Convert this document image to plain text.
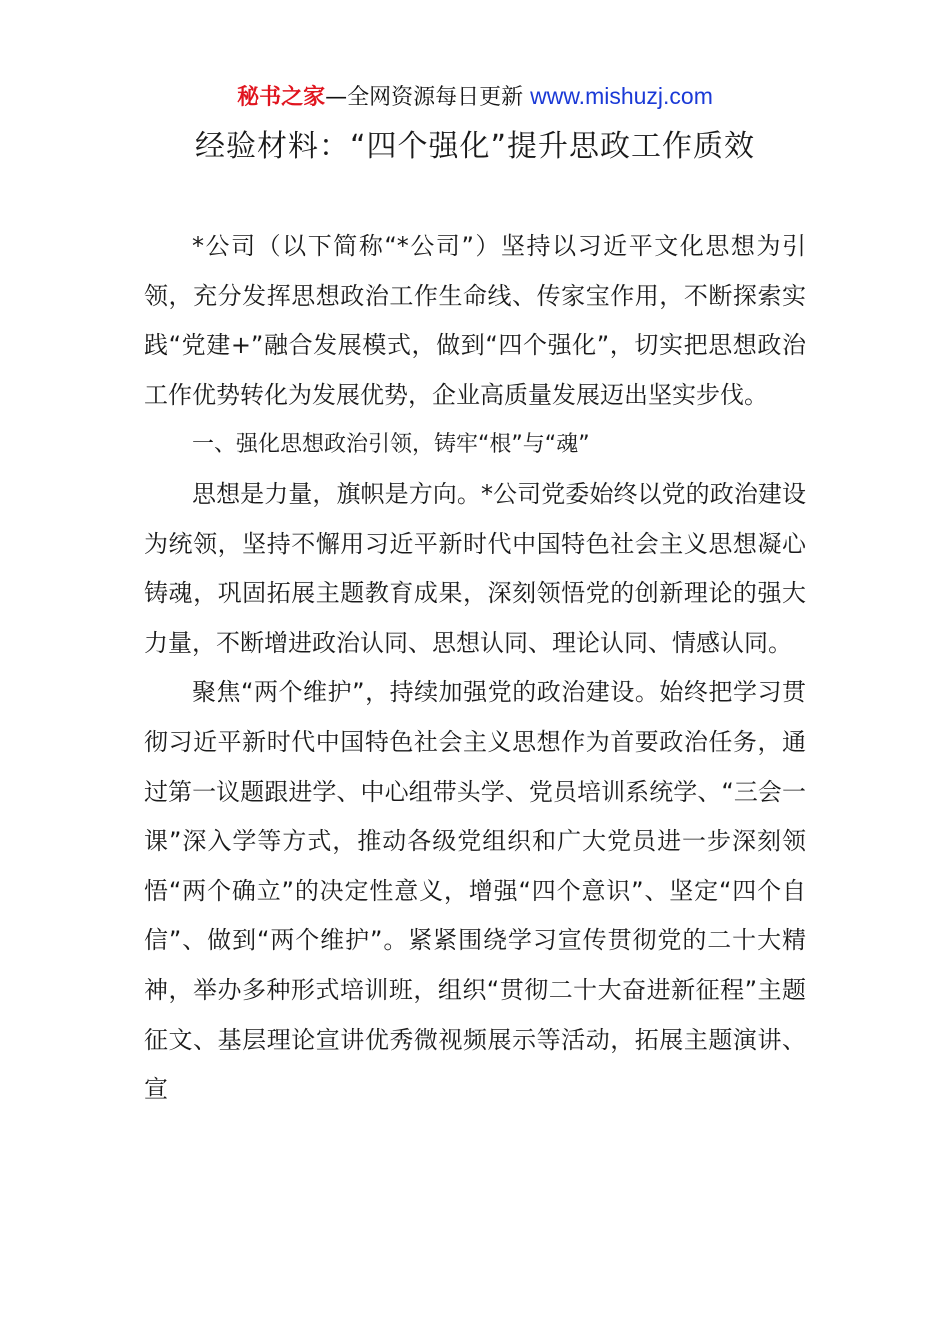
秘书之家—全网资源每日更新 www.mishuzj.com
经验材料：“四个强化”提升思政工作质效

*公司（以下简称“*公司”）坚持以习近平文化思想为引领，充分发挥思想政治工作生命线、传家宝作用，不断探索实践“党建+”融合发展模式，做到“四个强化”，切实把思想政治工作优势转化为发展优势，企业高质量发展迈出坚实步伐。

一、强化思想政治引领，铸牢“根”与“魂”

思想是力量，旗帜是方向。*公司党委始终以党的政治建设为统领，坚持不懈用习近平新时代中国特色社会主义思想凝心铸魂，巩固拓展主题教育成果，深刻领悟党的创新理论的强大力量，不断增进政治认同、思想认同、理论认同、情感认同。

聚焦“两个维护”，持续加强党的政治建设。始终把学习贯彻习近平新时代中国特色社会主义思想作为首要政治任务，通过第一议题跟进学、中心组带头学、党员培训系统学、“三会一课”深入学等方式，推动各级党组织和广大党员进一步深刻领悟“两个确立”的决定性意义，增强“四个意识”、坚定“四个自信”、做到“两个维护”。紧紧围绕学习宣传贯彻党的二十大精神，举办多种形式培训班，组织“贯彻二十大奋进新征程”主题征文、基层理论宣讲优秀微视频展示等活动，拓展主题演讲、宣
